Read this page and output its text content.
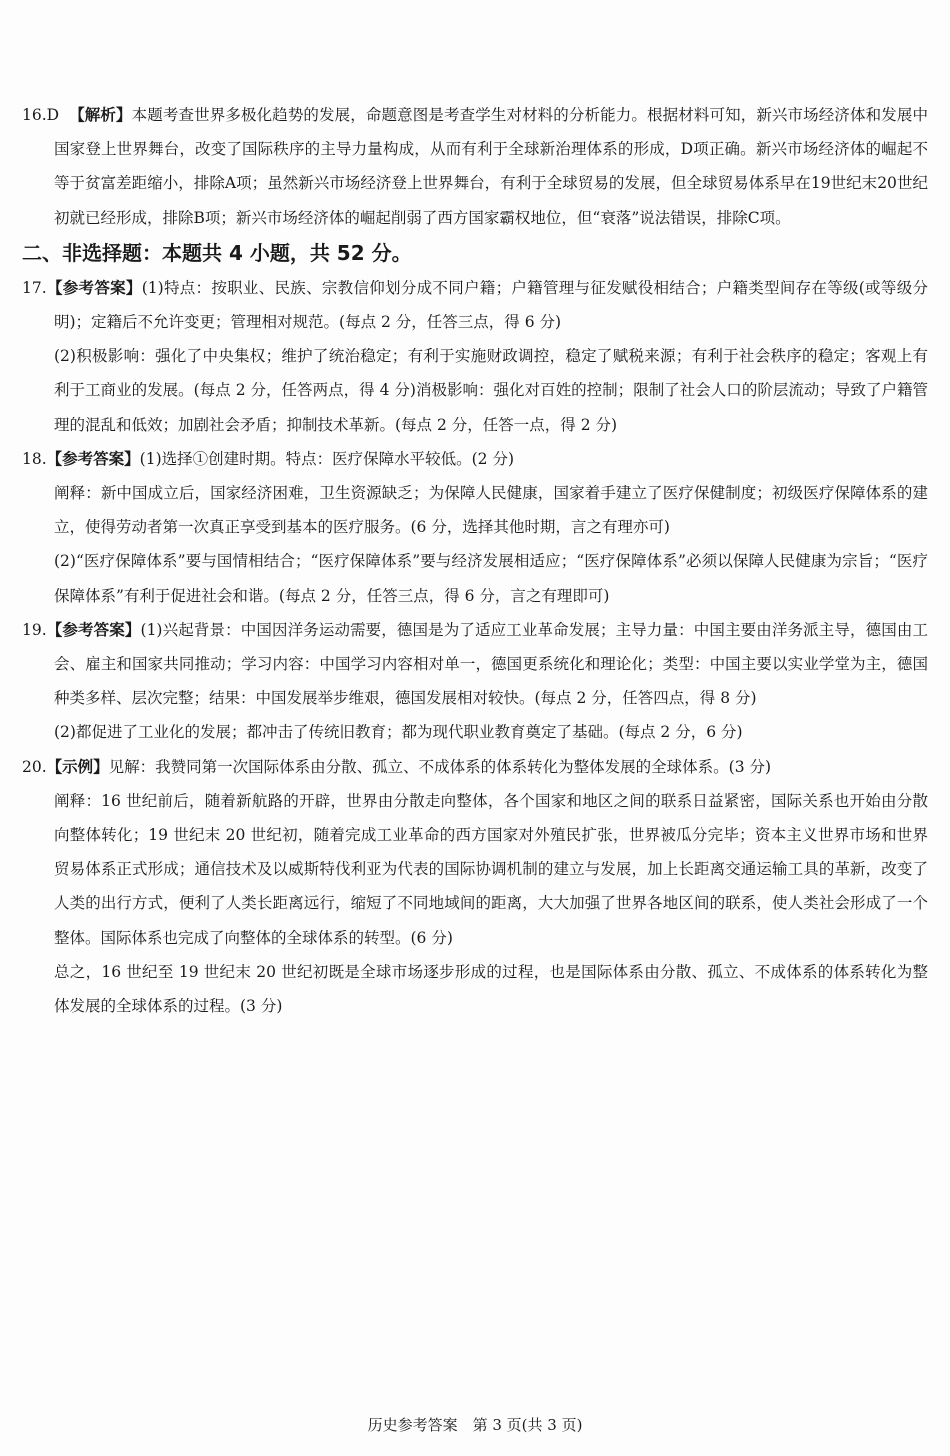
16.D 【解析】本题考查世界多极化趋势的发展，命题意图是考查学生对材料的分析能力。根据材料可知，新兴市场经济体和发展中国家登上世界舞台，改变了国际秩序的主导力量构成，从而有利于全球新治理体系的形成，D项正确。新兴市场经济体的崛起不等于贫富差距缩小，排除A项；虽然新兴市场经济登上世界舞台，有利于全球贸易的发展，但全球贸易体系早在19世纪末20世纪初就已经形成，排除B项；新兴市场经济体的崛起削弱了西方国家霸权地位，但“衰落”说法错误，排除C项。

二、非选择题：本题共 4 小题，共 52 分。

17.【参考答案】(1)特点：按职业、民族、宗教信仰划分成不同户籍；户籍管理与征发赋役相结合；户籍类型间存在等级(或等级分明)；定籍后不允许变更；管理相对规范。(每点 2 分，任答三点，得 6 分)

(2)积极影响：强化了中央集权；维护了统治稳定；有利于实施财政调控，稳定了赋税来源；有利于社会秩序的稳定；客观上有利于工商业的发展。(每点 2 分，任答两点，得 4 分)消极影响：强化对百姓的控制；限制了社会人口的阶层流动；导致了户籍管理的混乱和低效；加剧社会矛盾；抑制技术革新。(每点 2 分，任答一点，得 2 分)

18.【参考答案】(1)选择①创建时期。特点：医疗保障水平较低。(2 分)

阐释：新中国成立后，国家经济困难，卫生资源缺乏；为保障人民健康，国家着手建立了医疗保健制度；初级医疗保障体系的建立，使得劳动者第一次真正享受到基本的医疗服务。(6 分，选择其他时期，言之有理亦可)

(2)“医疗保障体系”要与国情相结合；“医疗保障体系”要与经济发展相适应；“医疗保障体系”必须以保障人民健康为宗旨；“医疗保障体系”有利于促进社会和谐。(每点 2 分，任答三点，得 6 分，言之有理即可)

19.【参考答案】(1)兴起背景：中国因洋务运动需要，德国是为了适应工业革命发展；主导力量：中国主要由洋务派主导，德国由工会、雇主和国家共同推动；学习内容：中国学习内容相对单一，德国更系统化和理论化；类型：中国主要以实业学堂为主，德国种类多样、层次完整；结果：中国发展举步维艰，德国发展相对较快。(每点 2 分，任答四点，得 8 分)

(2)都促进了工业化的发展；都冲击了传统旧教育；都为现代职业教育奠定了基础。(每点 2 分，6 分)

20.【示例】见解：我赞同第一次国际体系由分散、孤立、不成体系的体系转化为整体发展的全球体系。(3 分)

阐释：16 世纪前后，随着新航路的开辟，世界由分散走向整体，各个国家和地区之间的联系日益紧密，国际关系也开始由分散向整体转化；19 世纪末 20 世纪初，随着完成工业革命的西方国家对外殖民扩张，世界被瓜分完毕；资本主义世界市场和世界贸易体系正式形成；通信技术及以威斯特伐利亚为代表的国际协调机制的建立与发展，加上长距离交通运输工具的革新，改变了人类的出行方式，便利了人类长距离远行，缩短了不同地域间的距离，大大加强了世界各地区间的联系，使人类社会形成了一个整体。国际体系也完成了向整体的全球体系的转型。(6 分)

总之，16 世纪至 19 世纪末 20 世纪初既是全球市场逐步形成的过程，也是国际体系由分散、孤立、不成体系的体系转化为整体发展的全球体系的过程。(3 分)

历史参考答案　第 3 页(共 3 页)
